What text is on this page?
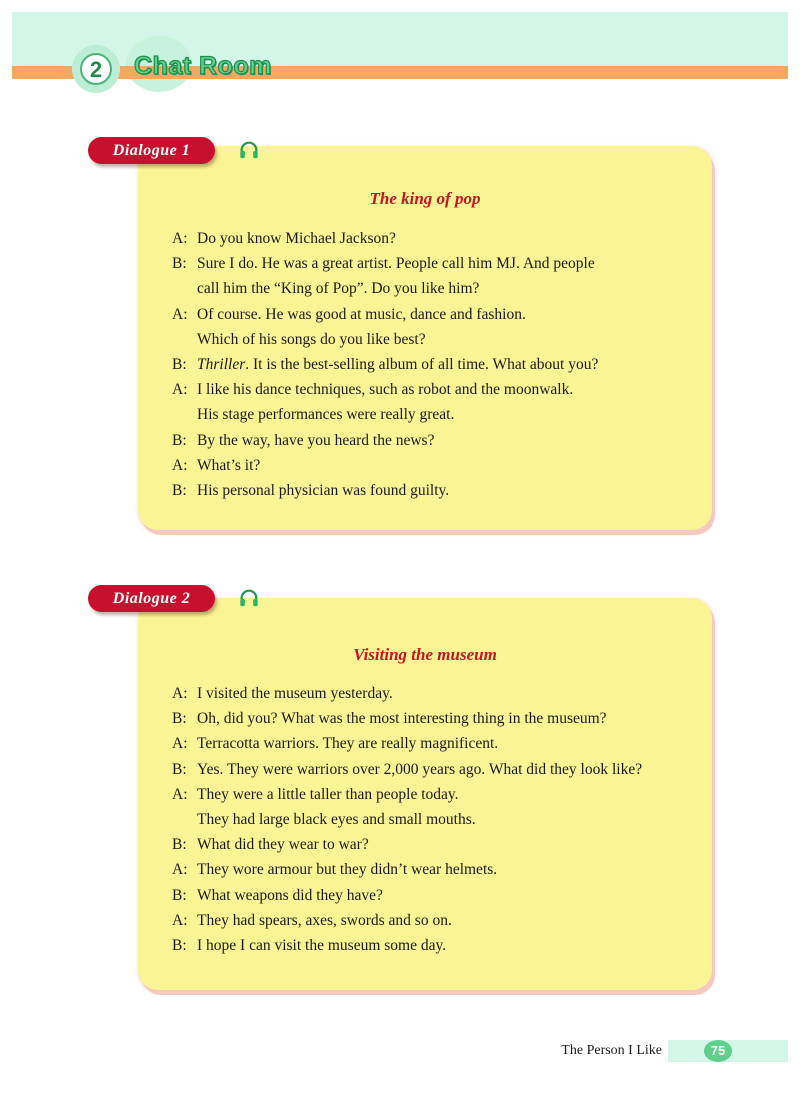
2	Chat Room
The king of pop
A: Do you know Michael Jackson?
B: Sure I do. He was a great artist. People call him MJ. And people
call him the “King of Pop”. Do you like him?
A: Of course. He was good at music, dance and fashion.
Which of his songs do you like best?
B: Thriller. It is the best-selling album of all time. What about you?
A: I like his dance techniques, such as robot and the moonwalk.
His stage performances were really great.
B: By the way, have you heard the news?
A: What’s it?
B: His personal physician was found guilty.
Dialogue 1
Visiting the museum
A: I visited the museum yesterday.
B: Oh, did you? What was the most interesting thing in the museum?
A: Terracotta warriors. They are really magnificent.
B: Yes. They were warriors over 2,000 years ago. What did they look like?
A: They were a little taller than people today.
They had large black eyes and small mouths.
B: What did they wear to war?
A: They wore armour but they didn’t wear helmets.
B: What weapons did they have?
A: They had spears, axes, swords and so on.
B: I hope I can visit the museum some day.
Dialogue 2
The Person I Like	75
